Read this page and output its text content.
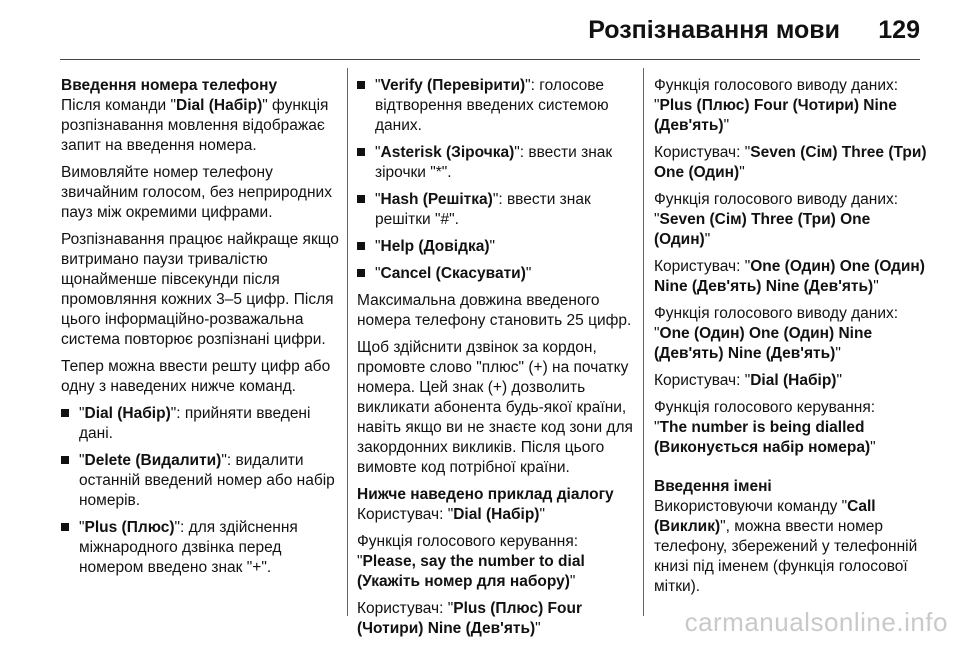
Розпізнавання мови 129
Введення номера телефону

Після команди "Dial (Набір)" функція розпізнавання мовлення відображає запит на введення номера.

Вимовляйте номер телефону звичайним голосом, без неприродних пауз між окремими цифрами.

Розпізнавання працює найкраще якщо витримано паузи тривалістю щонайменше півсекунди після промовляння кожних 3–5 цифр. Після цього інформаційно-розважальна система повторює розпізнані цифри.

Тепер можна ввести решту цифр або одну з наведених нижче команд.

"Dial (Набір)": прийняти введені дані.
"Delete (Видалити)": видалити останній введений номер або набір номерів.
"Plus (Плюс)": для здійснення міжнародного дзвінка перед номером введено знак "+".
"Verify (Перевірити)": голосове відтворення введених системою даних.
"Asterisk (Зірочка)": ввести знак зірочки "*".
"Hash (Решітка)": ввести знак решітки "#".
"Help (Довідка)"
"Cancel (Скасувати)"

Максимальна довжина введеного номера телефону становить 25 цифр.

Щоб здійснити дзвінок за кордон, промовте слово "плюс" (+) на початку номера. Цей знак (+) дозволить викликати абонента будь-якої країни, навіть якщо ви не знаєте код зони для закордонних викликів. Після цього вимовте код потрібної країни.

Нижче наведено приклад діалогу

Користувач: "Dial (Набір)"

Функція голосового керування:
"Please, say the number to dial (Укажіть номер для набору)"

Користувач: "Plus (Плюс) Four (Чотири) Nine (Дев'ять)"

Функція голосового виводу даних:
"Plus (Плюс) Four (Чотири) Nine (Дев'ять)"

Користувач: "Seven (Сім) Three (Три) One (Один)"

Функція голосового виводу даних:
"Seven (Сім) Three (Три) One (Один)"

Користувач: "One (Один) One (Один) Nine (Дев'ять) Nine (Дев'ять)"

Функція голосового виводу даних:
"One (Один) One (Один) Nine (Дев'ять) Nine (Дев'ять)"

Користувач: "Dial (Набір)"

Функція голосового керування:
"The number is being dialled (Виконується набір номера)"

Введення імені

Використовуючи команду "Call (Виклик)", можна ввести номер телефону, збережений у телефонній книзі під іменем (функція голосової мітки).

carmanualsonline.info
